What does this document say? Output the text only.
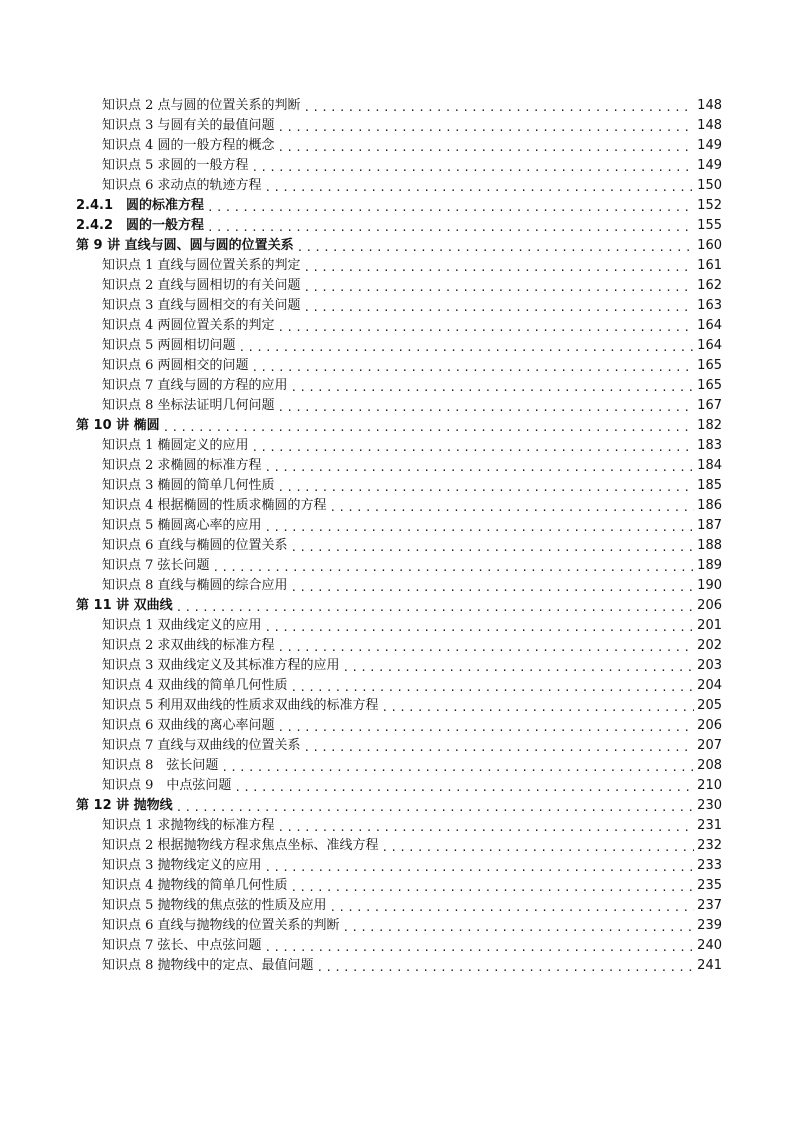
知识点 2 点与圆的位置关系的判断 .....	148
知识点 3 与圆有关的最值问题 .....	148
知识点 4 圆的一般方程的概念 .....	149
知识点 5 求圆的一般方程 .....	149
知识点 6 求动点的轨迹方程 .....	150
2.4.1　圆的标准方程 .....	152
2.4.2　圆的一般方程 .....	155
第 9 讲 直线与圆、圆与圆的位置关系 .....	160
知识点 1 直线与圆位置关系的判定 .....	161
知识点 2 直线与圆相切的有关问题 .....	162
知识点 3 直线与圆相交的有关问题 .....	163
知识点 4 两圆位置关系的判定 .....	164
知识点 5 两圆相切问题 .....	164
知识点 6 两圆相交的问题 .....	165
知识点 7 直线与圆的方程的应用 .....	165
知识点 8 坐标法证明几何问题 .....	167
第 10 讲 椭圆 .....	182
知识点 1 椭圆定义的应用 .....	183
知识点 2 求椭圆的标准方程 .....	184
知识点 3 椭圆的简单几何性质 .....	185
知识点 4 根据椭圆的性质求椭圆的方程 .....	186
知识点 5 椭圆离心率的应用 .....	187
知识点 6 直线与椭圆的位置关系 .....	188
知识点 7 弦长问题 .....	189
知识点 8 直线与椭圆的综合应用 .....	190
第 11 讲 双曲线 .....	206
知识点 1 双曲线定义的应用 .....	201
知识点 2 求双曲线的标准方程 .....	202
知识点 3 双曲线定义及其标准方程的应用 .....	203
知识点 4 双曲线的简单几何性质 .....	204
知识点 5 利用双曲线的性质求双曲线的标准方程 .....	205
知识点 6 双曲线的离心率问题 .....	206
知识点 7 直线与双曲线的位置关系 .....	207
知识点 8　弦长问题 .....	208
知识点 9　中点弦问题 .....	210
第 12 讲 抛物线 .....	230
知识点 1 求抛物线的标准方程 .....	231
知识点 2 根据抛物线方程求焦点坐标、准线方程 .....	232
知识点 3 抛物线定义的应用 .....	233
知识点 4 抛物线的简单几何性质 .....	235
知识点 5 抛物线的焦点弦的性质及应用 .....	237
知识点 6 直线与抛物线的位置关系的判断 .....	239
知识点 7 弦长、中点弦问题 .....	240
知识点 8 抛物线中的定点、最值问题 .....	241
